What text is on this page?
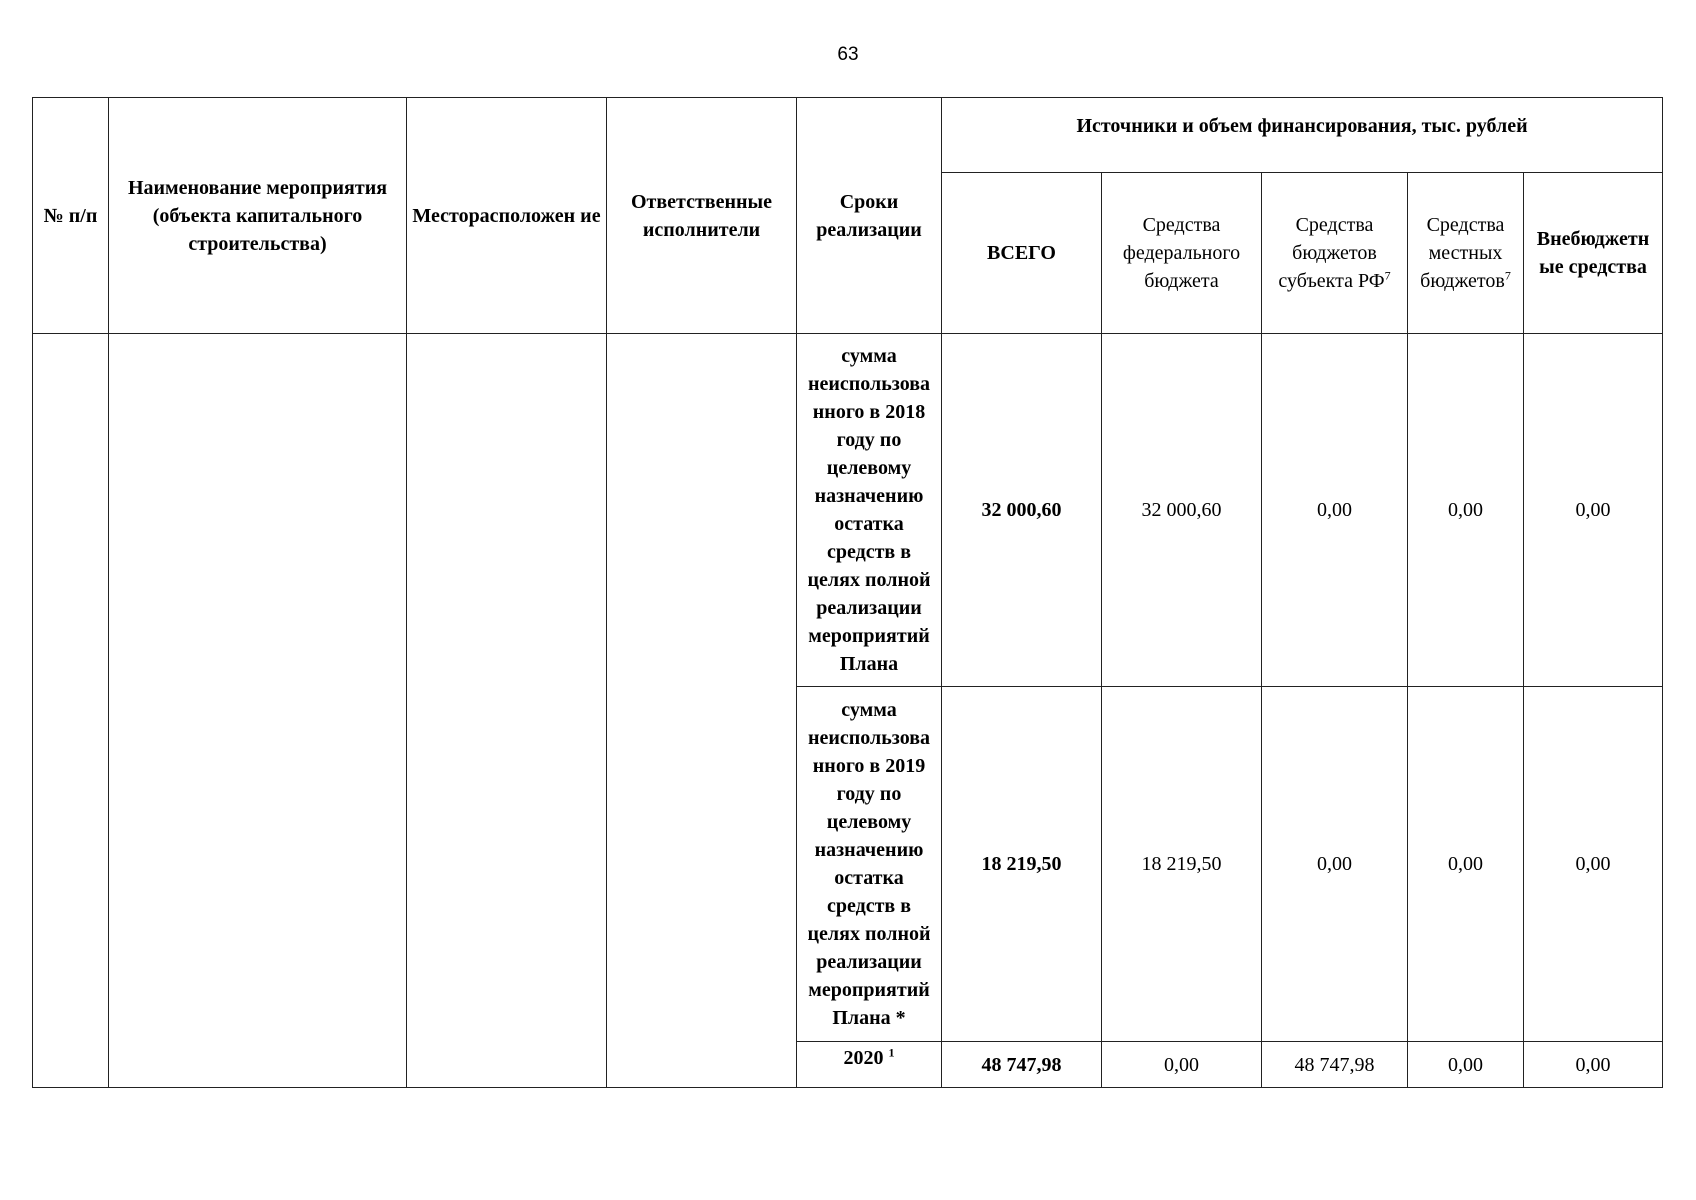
63
№ п/п	Наименование мероприятия (объекта капитального строительства)	Месторасположен ие	Ответственные исполнители	Сроки реализации	Источники и объем финансирования, тыс. рублей				
					ВСЕГО	Средства федерального бюджета	Средства бюджетов субъекта $РФ^7$	Средства местных бюджетов$^7$	Внебюджетн ые средства
				сумма неиспользова нного в 2018 году по целевому назначению остатка средств в целях полной реализации мероприятий Плана	32 000,60	32 000,60	0,00	0,00	0,00
				сумма неиспользова нного в 2019 году по целевому назначению остатка средств в целях полной реализации мероприятий Плана *	18 219,50	18 219,50	0,00	0,00	0,00
				2020 $^1$	48 747,98	0,00	48 747,98	0,00	0,00
